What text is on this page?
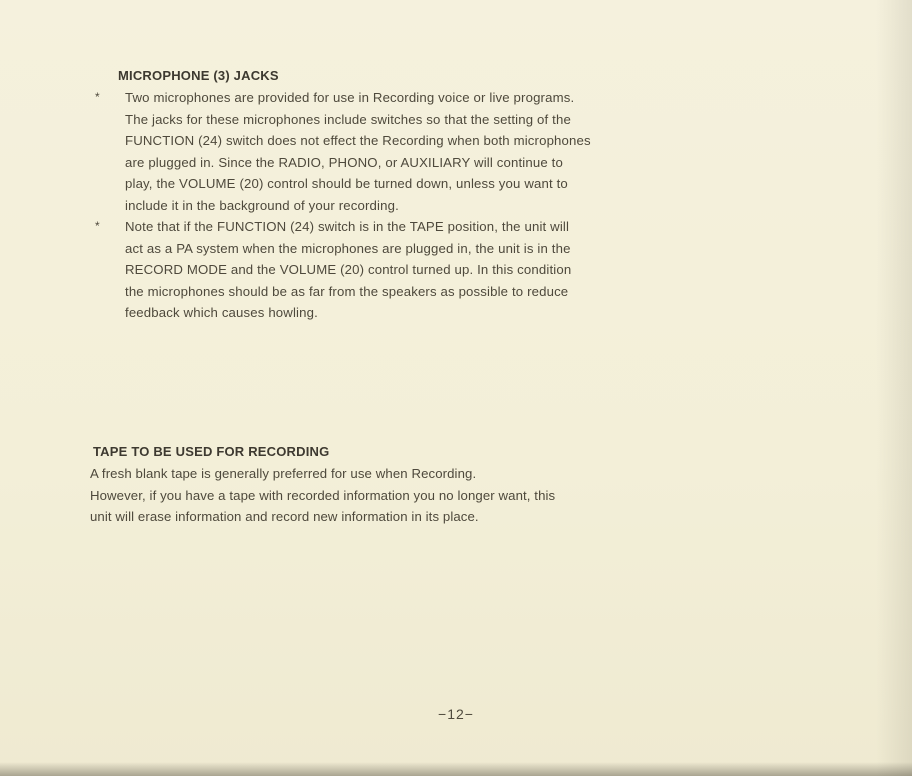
MICROPHONE (3) JACKS
* Two microphones are provided for use in Recording voice or live programs.
The jacks for these microphones include switches so that the setting of the
FUNCTION (24) switch does not effect the Recording when both microphones
are plugged in. Since the RADIO, PHONO, or AUXILIARY will continue to
play, the VOLUME (20) control should be turned down, unless you want to
include it in the background of your recording.
* Note that if the FUNCTION (24) switch is in the TAPE position, the unit will
act as a PA system when the microphones are plugged in, the unit is in the
RECORD MODE and the VOLUME (20) control turned up. In this condition
the microphones should be as far from the speakers as possible to reduce
feedback which causes howling.
TAPE TO BE USED FOR RECORDING
A fresh blank tape is generally preferred for use when Recording.
However, if you have a tape with recorded information you no longer want, this
unit will erase information and record new information in its place.
−12−
